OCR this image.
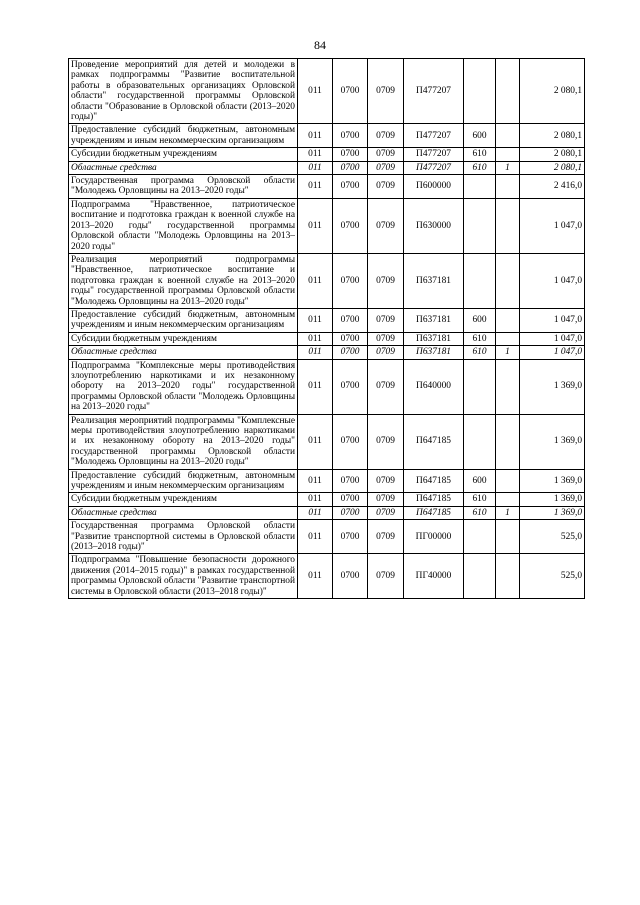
84
Проведение мероприятий для детей и молодежи в рамках подпрограммы "Развитие воспитательной работы в образовательных организациях Орловской области" государственной программы Орловской области "Образование в Орловской области (2013–2020 годы)"	011	0700	0709	П477207			2 080,1
Предоставление субсидий бюджетным, автономным учреждениям и иным некоммерческим организациям	011	0700	0709	П477207	600		2 080,1
Субсидии бюджетным учреждениям	011	0700	0709	П477207	610		2 080,1
Областные средства	011	0700	0709	П477207	610	1	2 080,1
Государственная программа Орловской области "Молодежь Орловщины на 2013–2020 годы"	011	0700	0709	П600000			2 416,0
Подпрограмма "Нравственное, патриотическое воспитание и подготовка граждан к военной службе на 2013–2020 годы" государственной программы Орловской области "Молодежь Орловщины на 2013–2020 годы"	011	0700	0709	П630000			1 047,0
Реализация мероприятий подпрограммы "Нравственное, патриотическое воспитание и подготовка граждан к военной службе на 2013–2020 годы" государственной программы Орловской области "Молодежь Орловщины на 2013–2020 годы"	011	0700	0709	П637181			1 047,0
Предоставление субсидий бюджетным, автономным учреждениям и иным некоммерческим организациям	011	0700	0709	П637181	600		1 047,0
Субсидии бюджетным учреждениям	011	0700	0709	П637181	610		1 047,0
Областные средства	011	0700	0709	П637181	610	1	1 047,0
Подпрограмма "Комплексные меры противодействия злоупотреблению наркотиками и их незаконному обороту на 2013–2020 годы" государственной программы Орловской области "Молодежь Орловщины на 2013–2020 годы"	011	0700	0709	П640000			1 369,0
Реализация мероприятий подпрограммы "Комплексные меры противодействия злоупотреблению наркотиками и их незаконному обороту на 2013–2020 годы" государственной программы Орловской области "Молодежь Орловщины на 2013–2020 годы"	011	0700	0709	П647185			1 369,0
Предоставление субсидий бюджетным, автономным учреждениям и иным некоммерческим организациям	011	0700	0709	П647185	600		1 369,0
Субсидии бюджетным учреждениям	011	0700	0709	П647185	610		1 369,0
Областные средства	011	0700	0709	П647185	610	1	1 369,0
Государственная программа Орловской области "Развитие транспортной системы в Орловской области (2013–2018 годы)"	011	0700	0709	ПГ00000			525,0
Подпрограмма "Повышение безопасности дорожного движения (2014–2015 годы)" в рамках государственной программы Орловской области "Развитие транспортной системы в Орловской области (2013–2018 годы)"	011	0700	0709	ПГ40000			525,0
